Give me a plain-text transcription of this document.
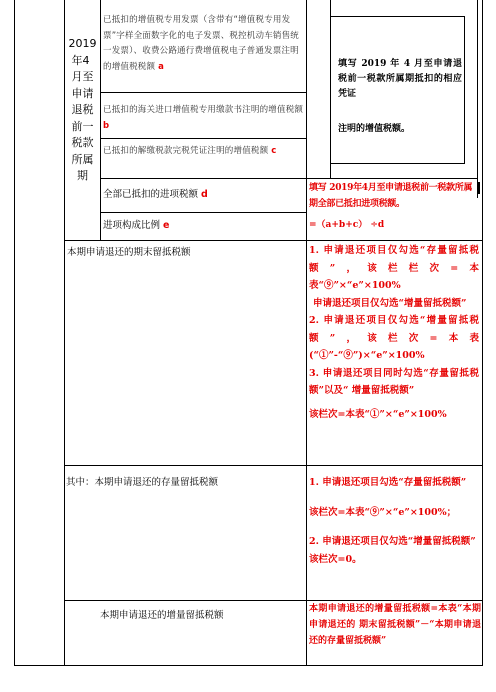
2019
年4
月至
申请
退税
前一
税款
所属
期
已抵扣的增值税专用发票（含带有“增值税专用发票”字样全面数字化的电子发票、税控机动车销售统一发票）、收费公路通行费增值税电子普通发票注明的增值税税额 a
已抵扣的海关进口增值税专用缴款书注明的增值税额 b
已抵扣的解缴税款完税凭证注明的增值税额 c
全部已抵扣的进项税额 d
进项构成比例 e
本期申请退还的期末留抵税额
其中：本期申请退还的存量留抵税额
本期申请退还的增量留抵税额
填写 2019 年 4 月至申请退税前一税款所属期抵扣的相应凭证
注明的增值税额。
填写 2019年4月至申请退税前一税款所属期全部已抵扣进项税额。
=（a+b+c） ÷d
1. 申请退还项目仅勾选“存量留抵税额”，该栏栏次=本表“⑨”×“e”×100%
申请退还项目仅勾选“增量留抵税额”
2. 申请退还项目仅勾选“增量留抵税额”，该栏次=本表(“①”-“⑨”)×“e”×100%
3. 申请退还项目同时勾选“存量留抵税额”以及“ 增量留抵税额”
该栏次=本表“①”×“e”×100%
1. 申请退还项目勾选“存量留抵税额”
该栏次=本表“⑨”×“e”×100%；
2. 申请退还项目仅勾选“增量留抵税额” 该栏次=0。
本期申请退还的增量留抵税额=本表“本期申请退还的 期末留抵税额”－“本期申请退还的存量留抵税额”
